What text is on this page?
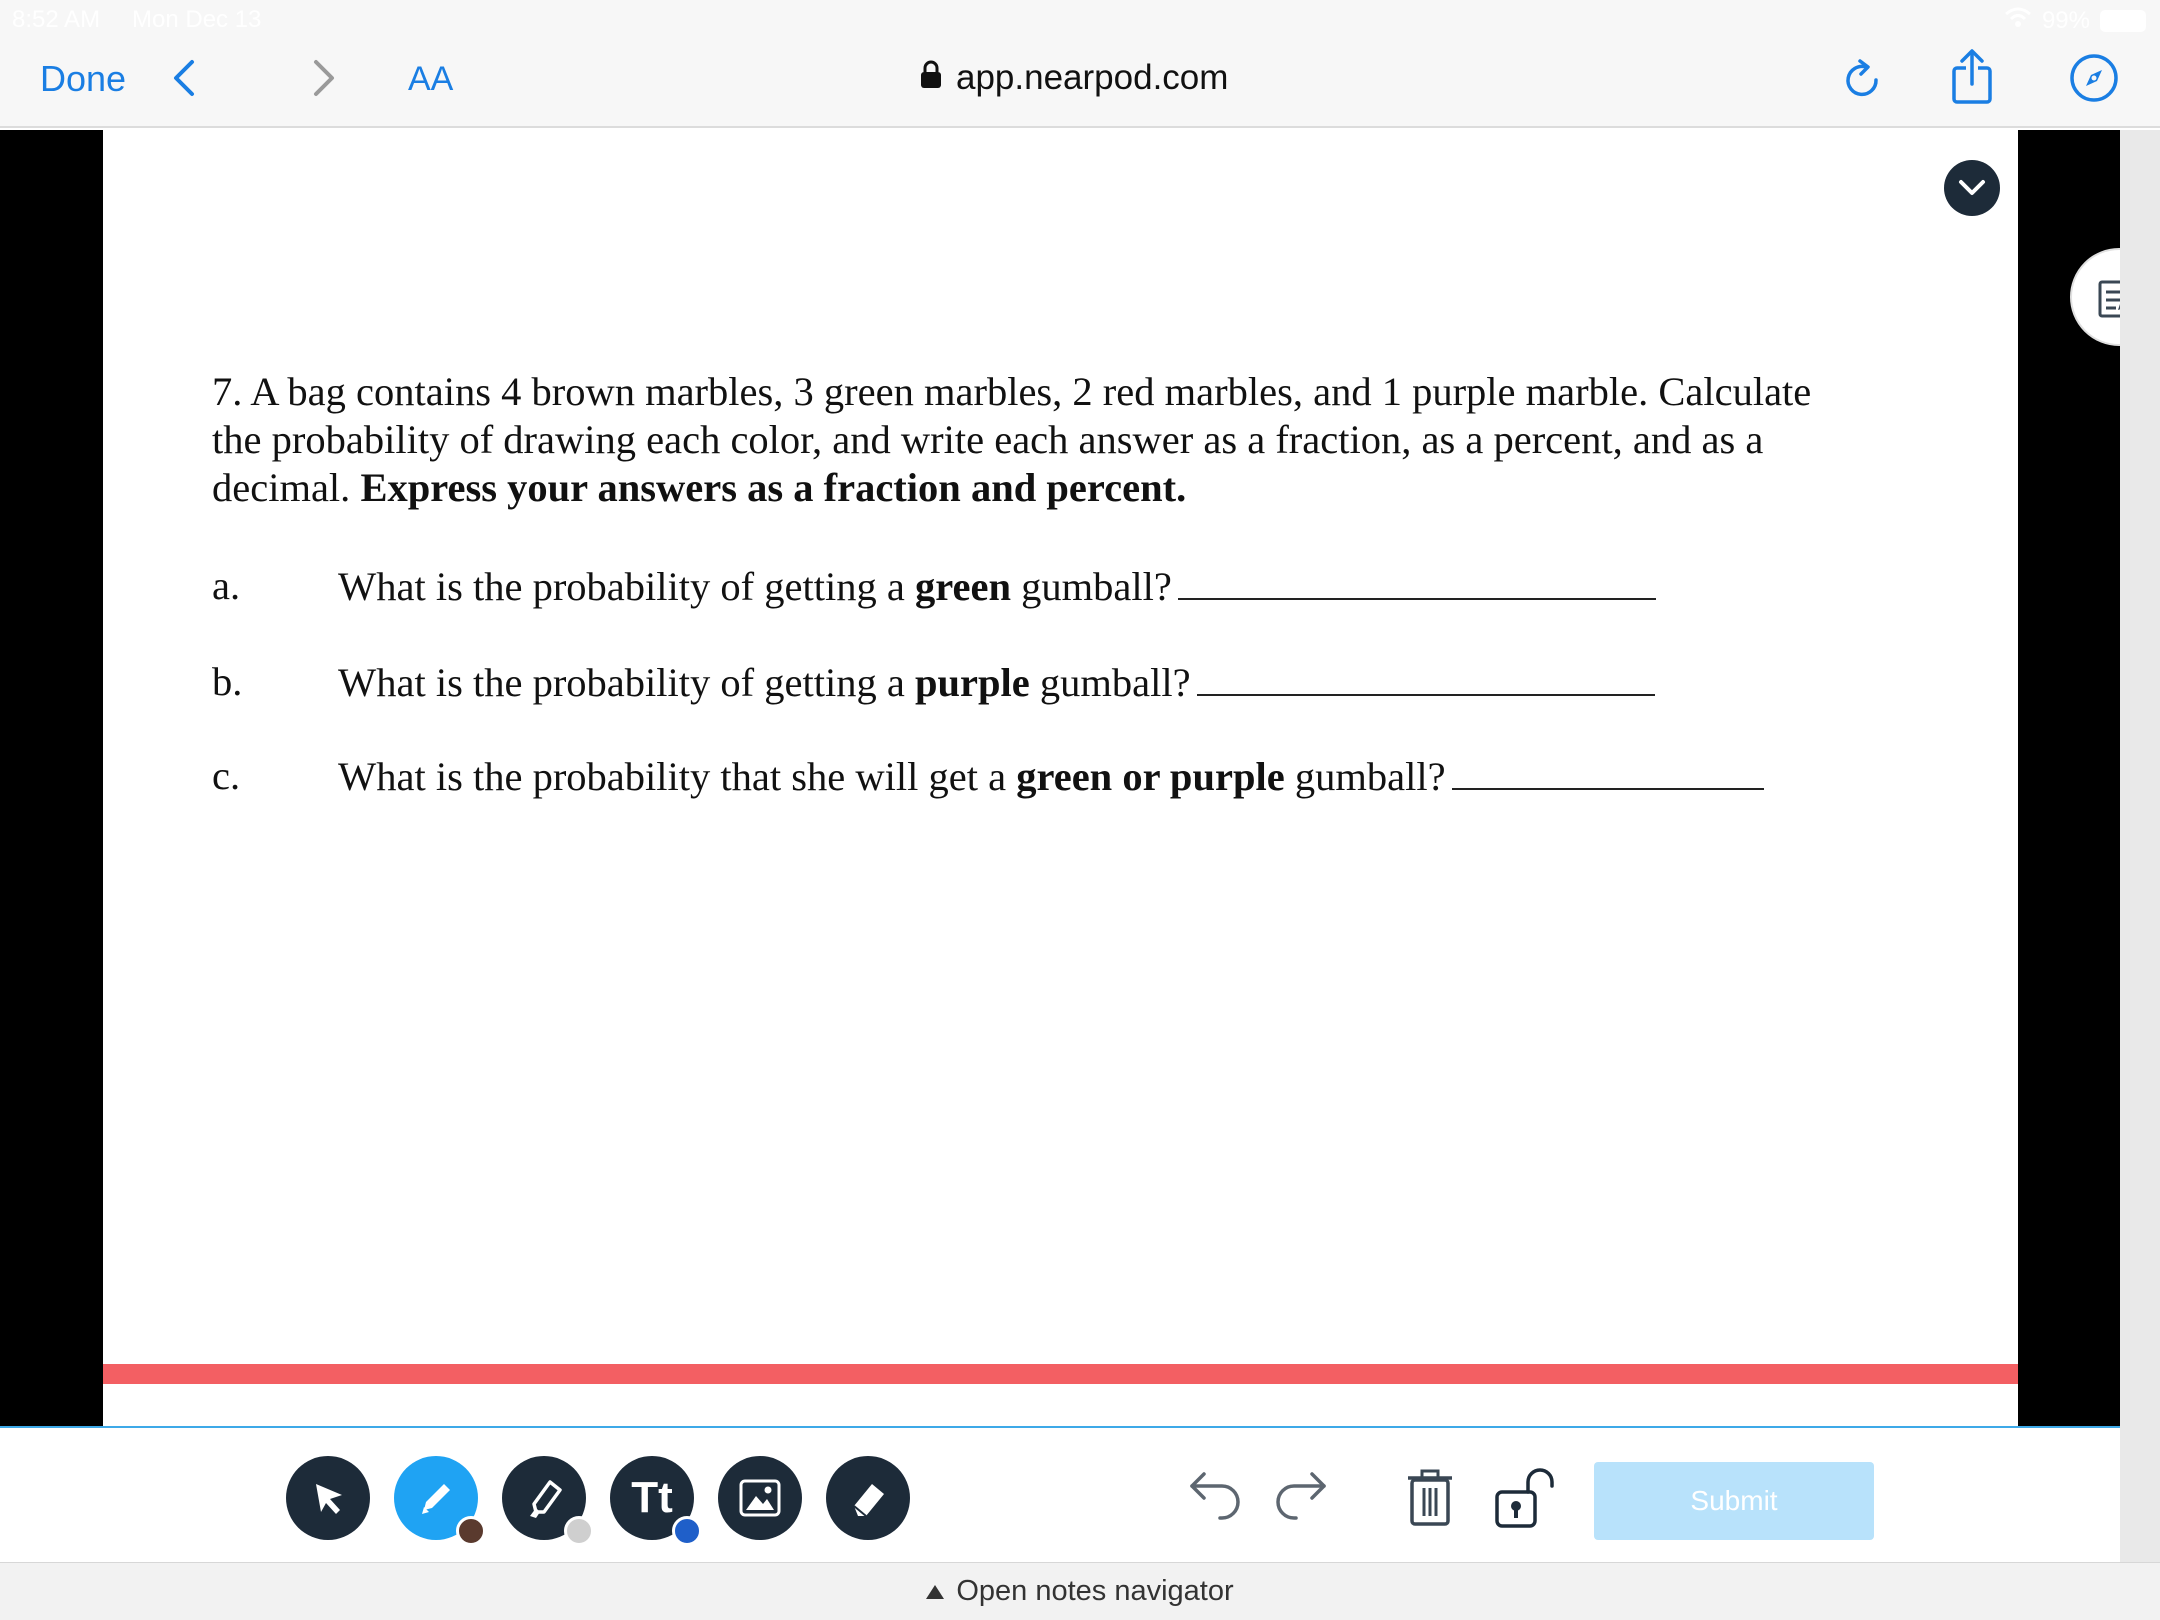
8:52 AM Mon Dec 13	99%
Done	AA	app.nearpod.com
7. A bag contains 4 brown marbles, 3 green marbles, 2 red marbles, and 1 purple marble. Calculate the probability of drawing each color, and write each answer as a fraction, as a percent, and as a decimal. Express your answers as a fraction and percent.
a. What is the probability of getting a green gumball?
b. What is the probability of getting a purple gumball?
c. What is the probability that she will get a green or purple gumball?
Tt	Submit
Open notes navigator
